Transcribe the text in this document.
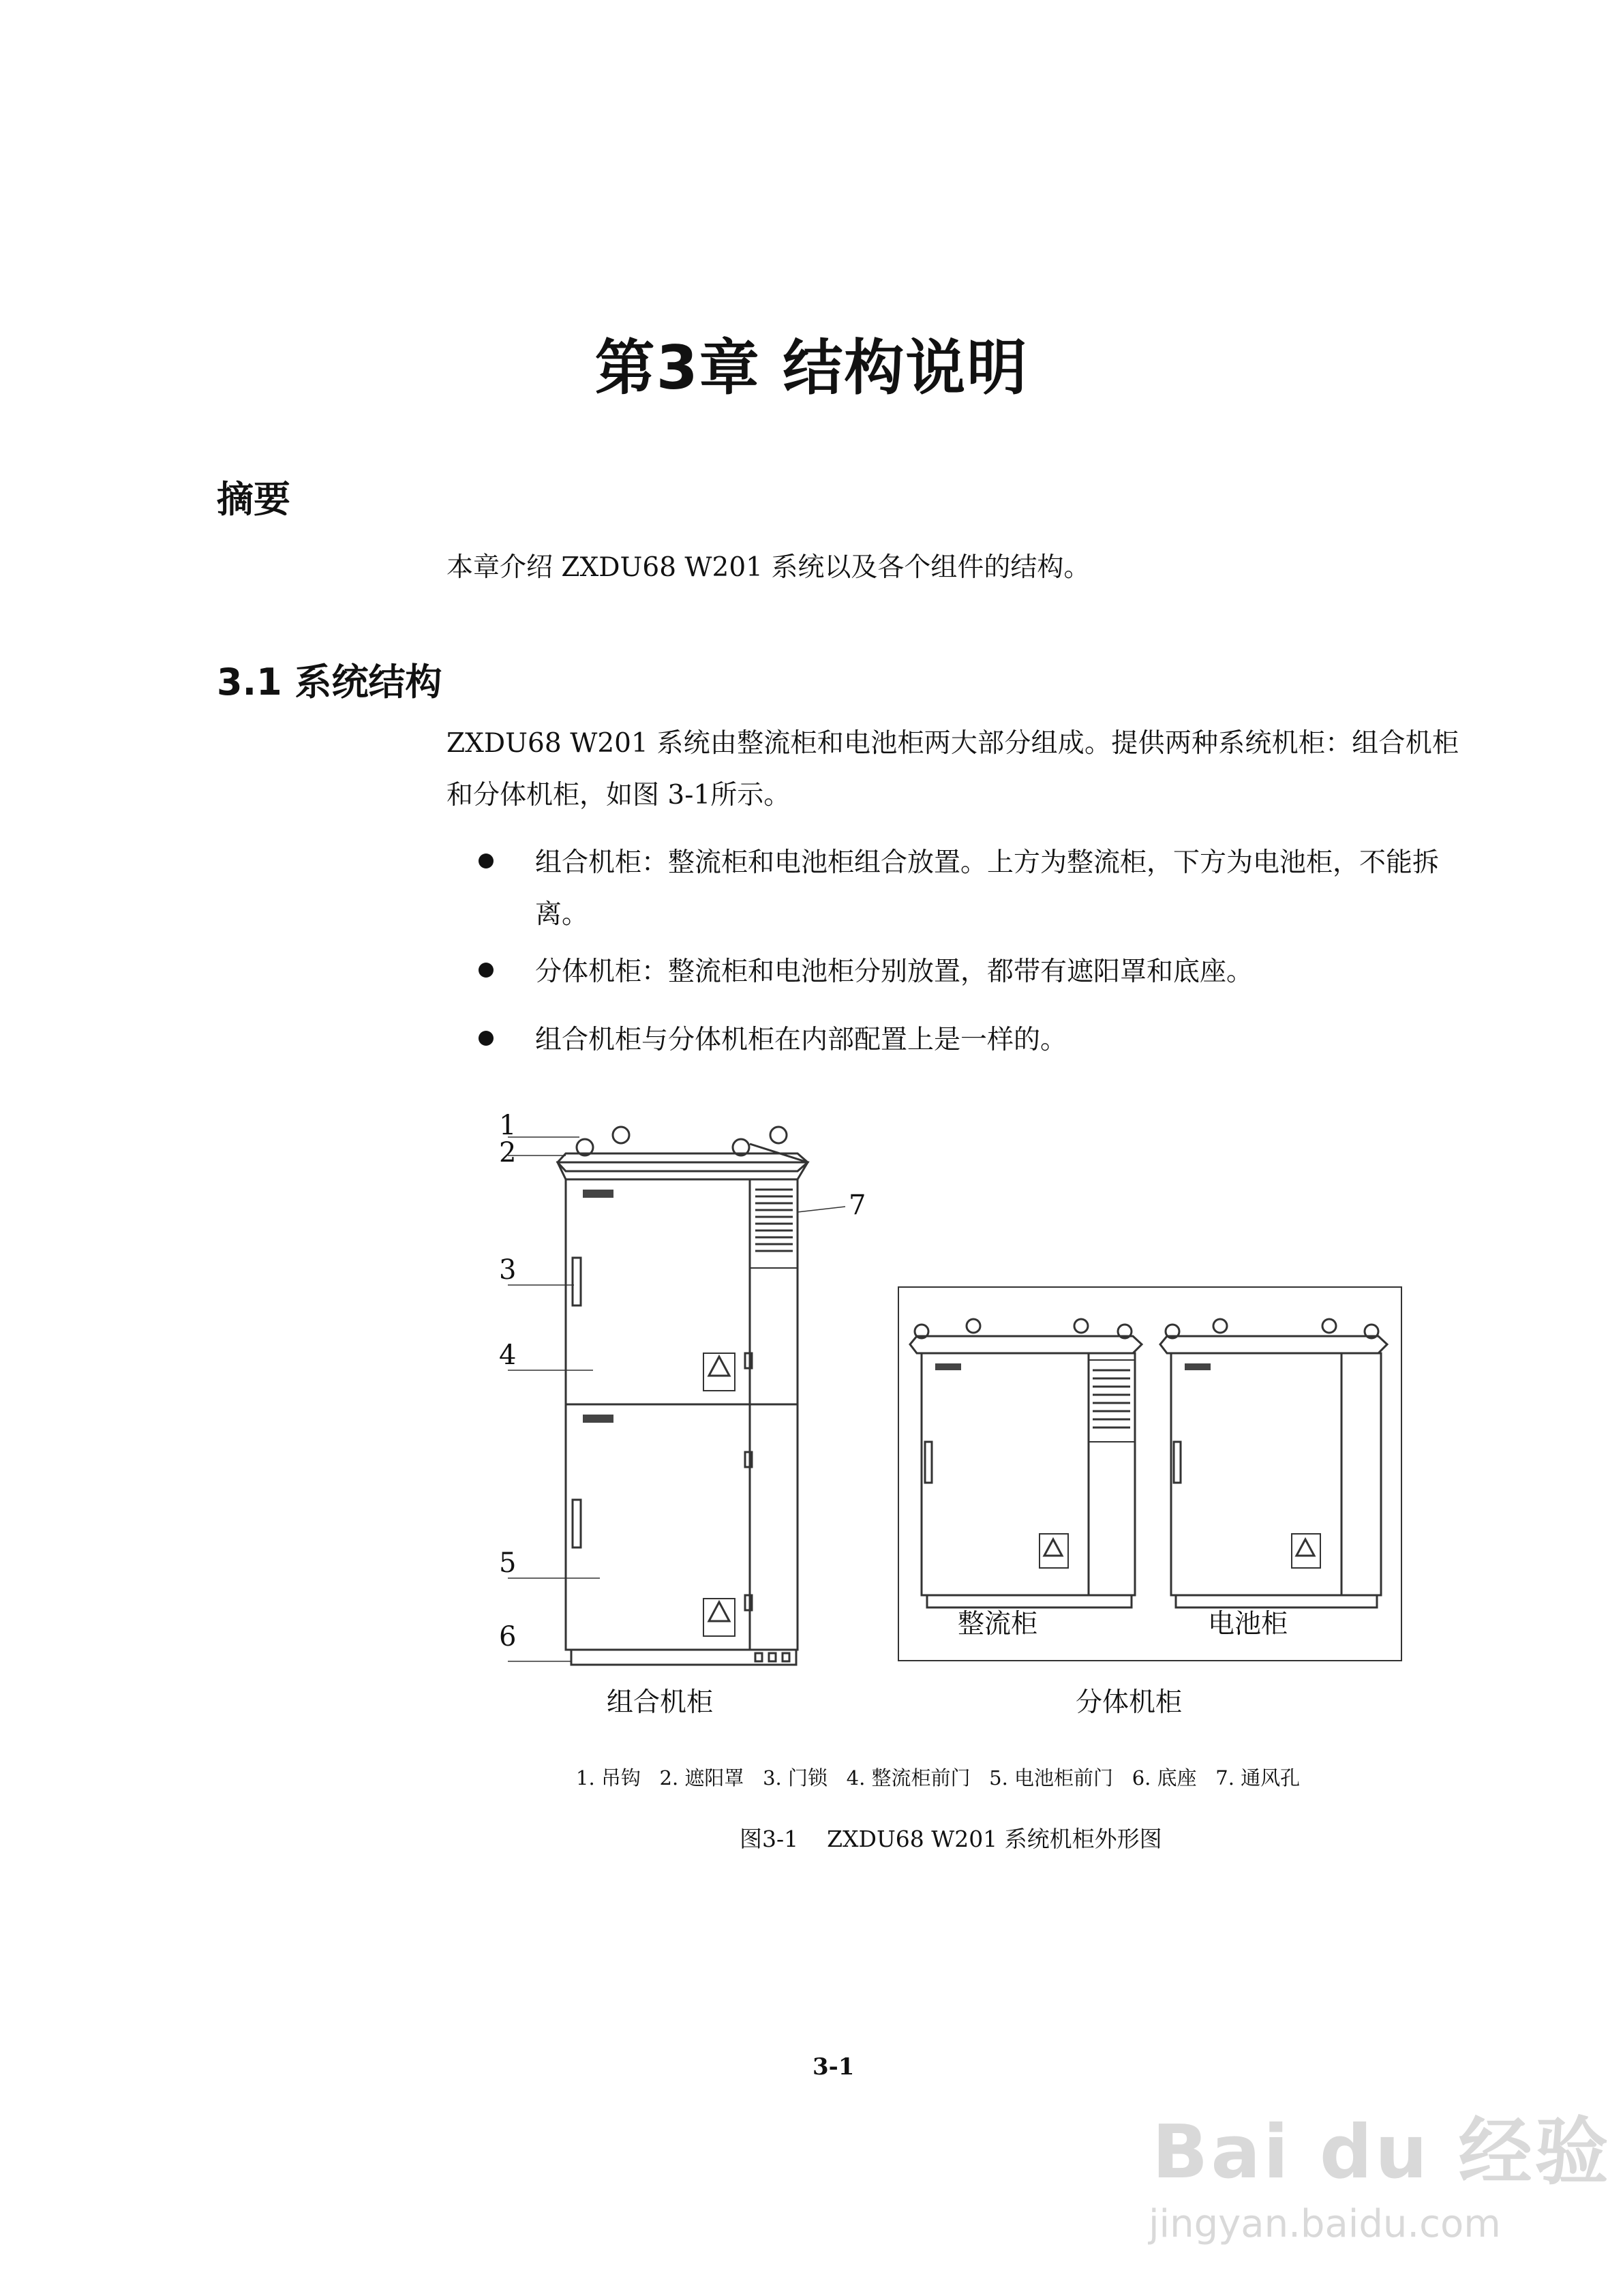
第3章 结构说明
摘要
本章介绍 ZXDU68 W201 系统以及各个组件的结构。
3.1 系统结构
ZXDU68 W201 系统由整流柜和电池柜两大部分组成。提供两种系统机柜：组合机柜和分体机柜，如图 3-1所示。
组合机柜：整流柜和电池柜组合放置。上方为整流柜，下方为电池柜，不能拆离。
分体机柜：整流柜和电池柜分别放置，都带有遮阳罩和底座。
组合机柜与分体机柜在内部配置上是一样的。
1
2
3
4
5
6
7
整流柜	电池柜
组合机柜	分体机柜
1. 吊钩   2. 遮阳罩   3. 门锁   4. 整流柜前门   5. 电池柜前门   6. 底座   7. 通风孔
图3-1    ZXDU68 W201 系统机柜外形图
3-1
Bai du 经验
jingyan.baidu.com
